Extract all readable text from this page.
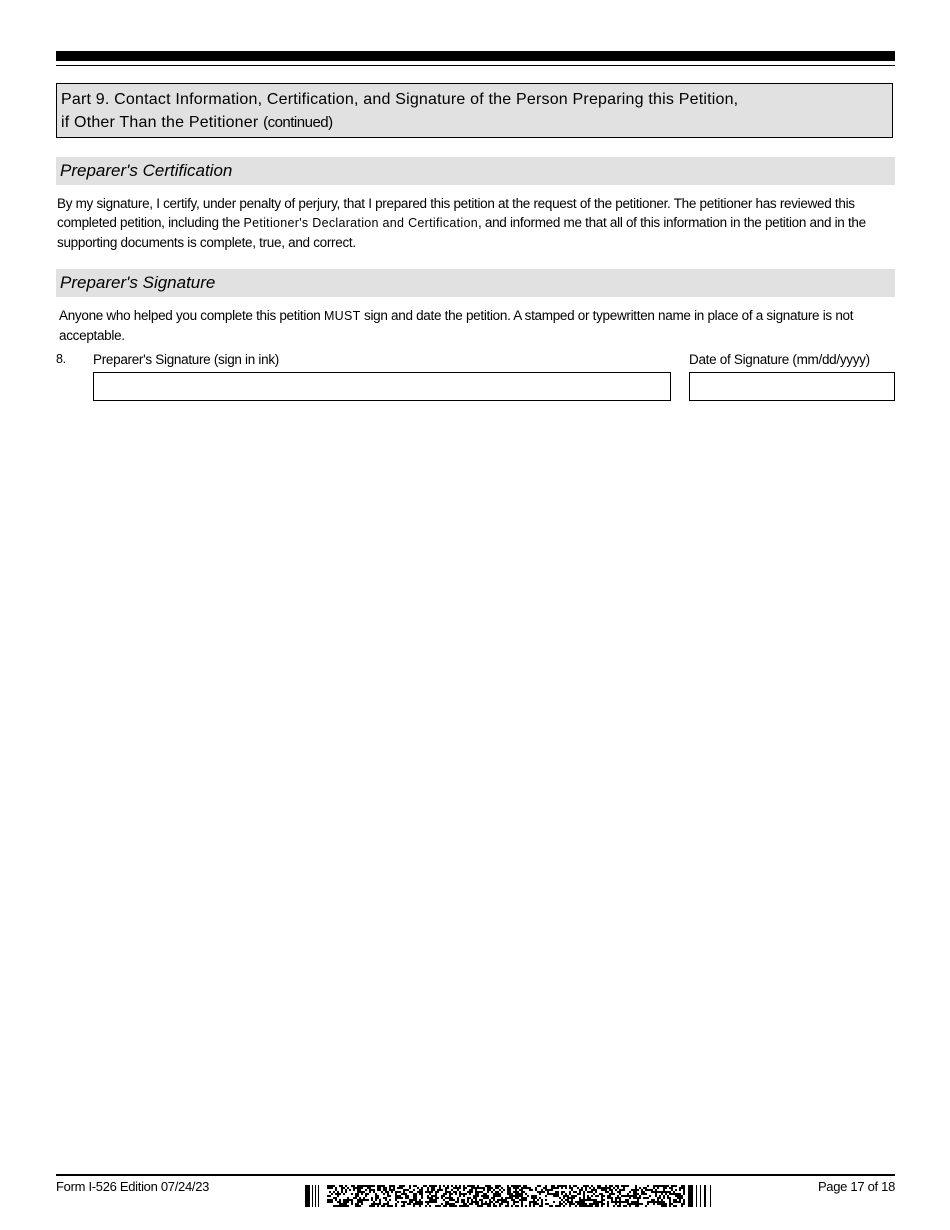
Part 9. Contact Information, Certification, and Signature of the Person Preparing this Petition,
if Other Than the Petitioner (continued)
Preparer's Certification
By my signature, I certify, under penalty of perjury, that I prepared this petition at the request of the petitioner. The petitioner has reviewed this completed petition, including the Petitioner's Declaration and Certification, and informed me that all of this information in the petition and in the supporting documents is complete, true, and correct.
Preparer's Signature
Anyone who helped you complete this petition MUST sign and date the petition. A stamped or typewritten name in place of a signature is not acceptable.
8. Preparer's Signature (sign in ink)	Date of Signature (mm/dd/yyyy)
Form I-526 Edition 07/24/23	Page 17 of 18
